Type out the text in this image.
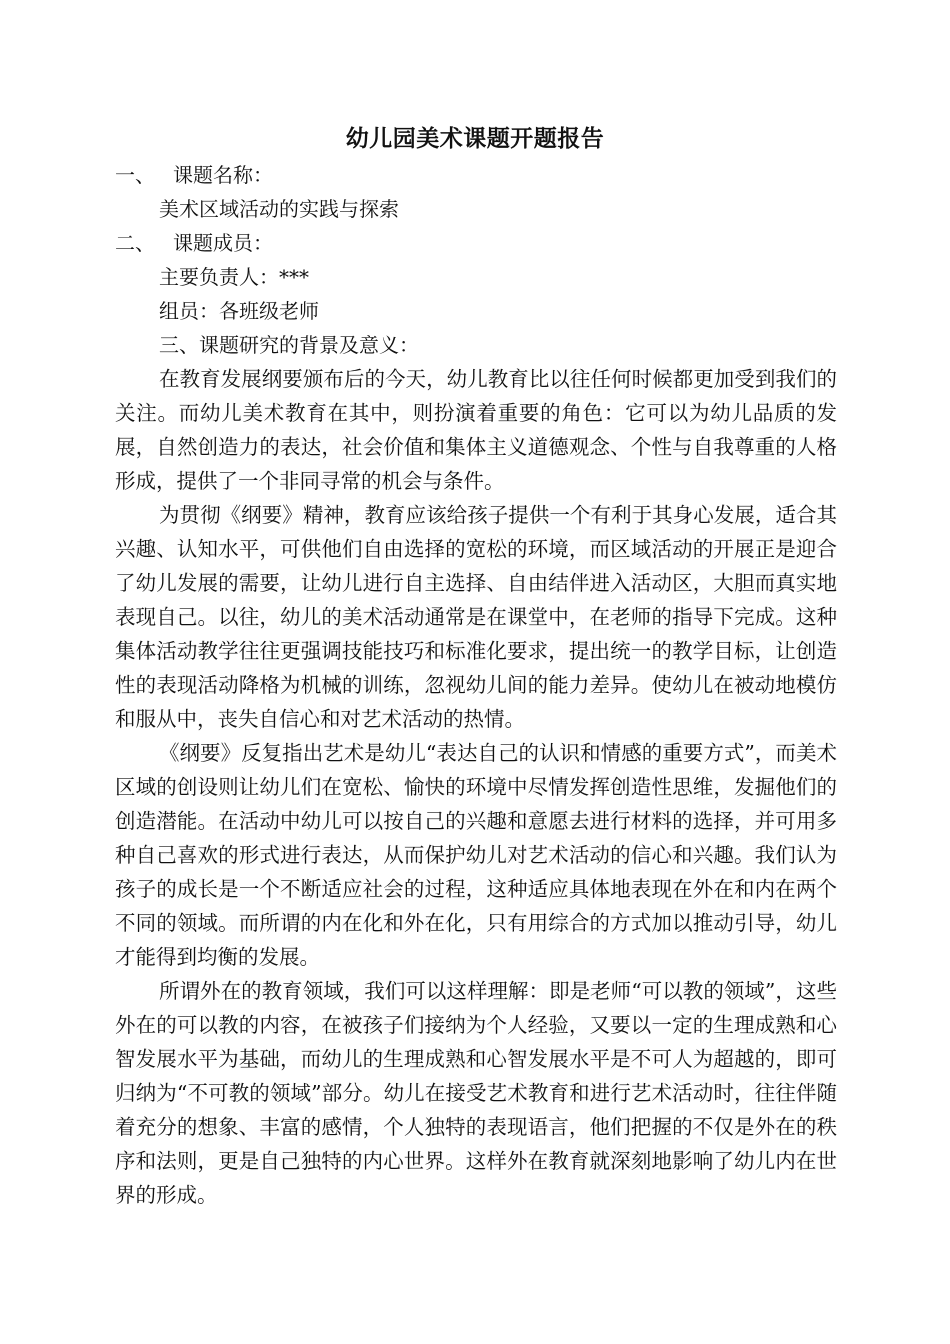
幼儿园美术课题开题报告
一、 课题名称：
美术区域活动的实践与探索
二、 课题成员：
主要负责人：***
组员：各班级老师
三、课题研究的背景及意义：

在教育发展纲要颁布后的今天，幼儿教育比以往任何时候都更加受到我们的关注。而幼儿美术教育在其中，则扮演着重要的角色：它可以为幼儿品质的发展，自然创造力的表达，社会价值和集体主义道德观念、个性与自我尊重的人格形成，提供了一个非同寻常的机会与条件。

为贯彻《纲要》精神，教育应该给孩子提供一个有利于其身心发展，适合其兴趣、认知水平，可供他们自由选择的宽松的环境，而区域活动的开展正是迎合了幼儿发展的需要，让幼儿进行自主选择、自由结伴进入活动区，大胆而真实地表现自己。以往，幼儿的美术活动通常是在课堂中，在老师的指导下完成。这种集体活动教学往往更强调技能技巧和标准化要求，提出统一的教学目标，让创造性的表现活动降格为机械的训练，忽视幼儿间的能力差异。使幼儿在被动地模仿和服从中，丧失自信心和对艺术活动的热情。

《纲要》反复指出艺术是幼儿“表达自己的认识和情感的重要方式”，而美术区域的创设则让幼儿们在宽松、愉快的环境中尽情发挥创造性思维，发掘他们的创造潜能。在活动中幼儿可以按自己的兴趣和意愿去进行材料的选择，并可用多种自己喜欢的形式进行表达，从而保护幼儿对艺术活动的信心和兴趣。我们认为孩子的成长是一个不断适应社会的过程，这种适应具体地表现在外在和内在两个不同的领域。而所谓的内在化和外在化，只有用综合的方式加以推动引导，幼儿才能得到均衡的发展。

所谓外在的教育领域，我们可以这样理解：即是老师“可以教的领域”，这些外在的可以教的内容，在被孩子们接纳为个人经验，又要以一定的生理成熟和心智发展水平为基础，而幼儿的生理成熟和心智发展水平是不可人为超越的，即可归纳为“不可教的领域”部分。幼儿在接受艺术教育和进行艺术活动时，往往伴随着充分的想象、丰富的感情，个人独特的表现语言，他们把握的不仅是外在的秩序和法则，更是自己独特的内心世界。这样外在教育就深刻地影响了幼儿内在世界的形成。
